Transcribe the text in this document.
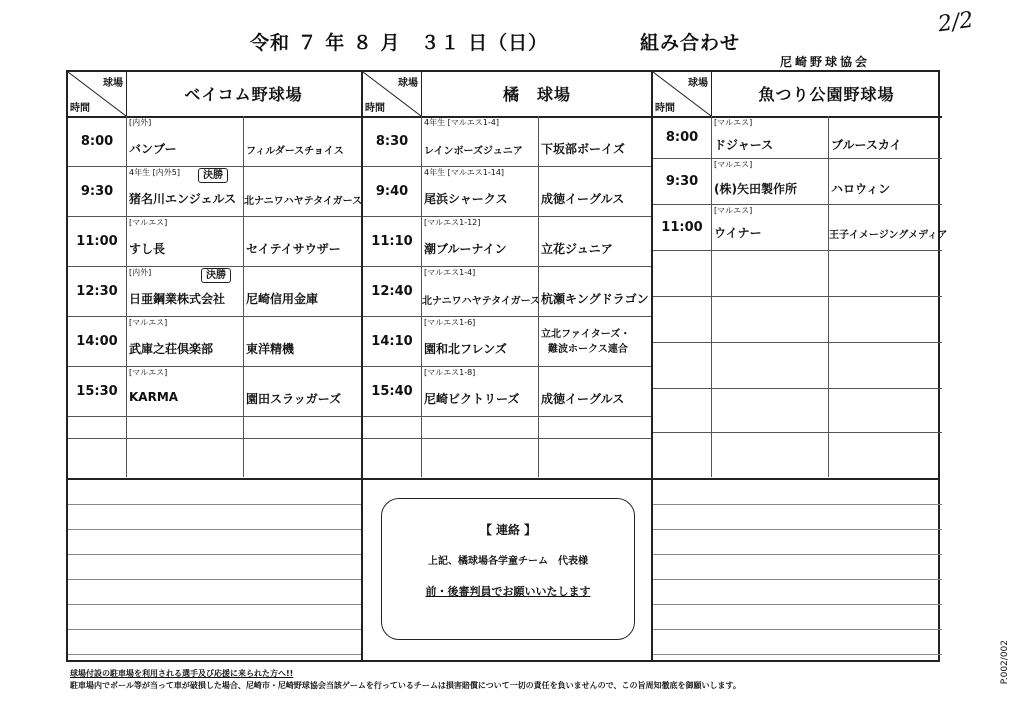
令和 ７ 年 ８ 月　３１ 日（日）	組み合わせ
尼崎野球協会
2/2
P.002/002
球場
時間
ベイコム野球場
8:00
[内外]
バンブー	フィルダースチョイス
9:30
4年生 [内外5]	決勝
猪名川エンジェルス 北ナニワハヤテタイガース
11:00
[マルエス]
すし長	セイテイサウザー
12:30
[内外]	決勝
日亜鋼業株式会社 尼崎信用金庫
14:00
[マルエス]
武庫之荘倶楽部	東洋精機
15:30
[マルエス]
KARMA	園田スラッガーズ
球場
時間
橘　球場
8:30
4年生 [マルエス1-4]
レインボーズジュニア 下坂部ボーイズ
9:40
4年生 [マルエス1-14]
尾浜シャークス	成徳イーグルス
11:10
[マルエス1-12]
潮ブルーナイン	立花ジュニア
12:40
[マルエス1-4]
北ナニワハヤテタイガース 杭瀬キングドラゴン
14:10
[マルエス1-6]
園和北フレンズ
立北ファイターズ・
難波ホークス連合
15:40
[マルエス1-8]
尼崎ビクトリーズ 成徳イーグルス
球場
時間
魚つり公園野球場
8:00
[マルエス]
ドジャース	ブルースカイ
9:30
[マルエス]
(株)矢田製作所	ハロウィン
11:00
[マルエス]
ウイナー	王子イメージングメディア
【 連絡 】
上記、橘球場各学童チーム　代表様
前・後審判員でお願いいたします
球場付設の駐車場を利用される選手及び応援に来られた方へ!!
駐車場内でボール等が当って車が破損した場合、尼崎市・尼崎野球協会当該ゲームを行っているチームは損害賠償について一切の責任を負いませんので、この旨周知徹底を御願いします。
